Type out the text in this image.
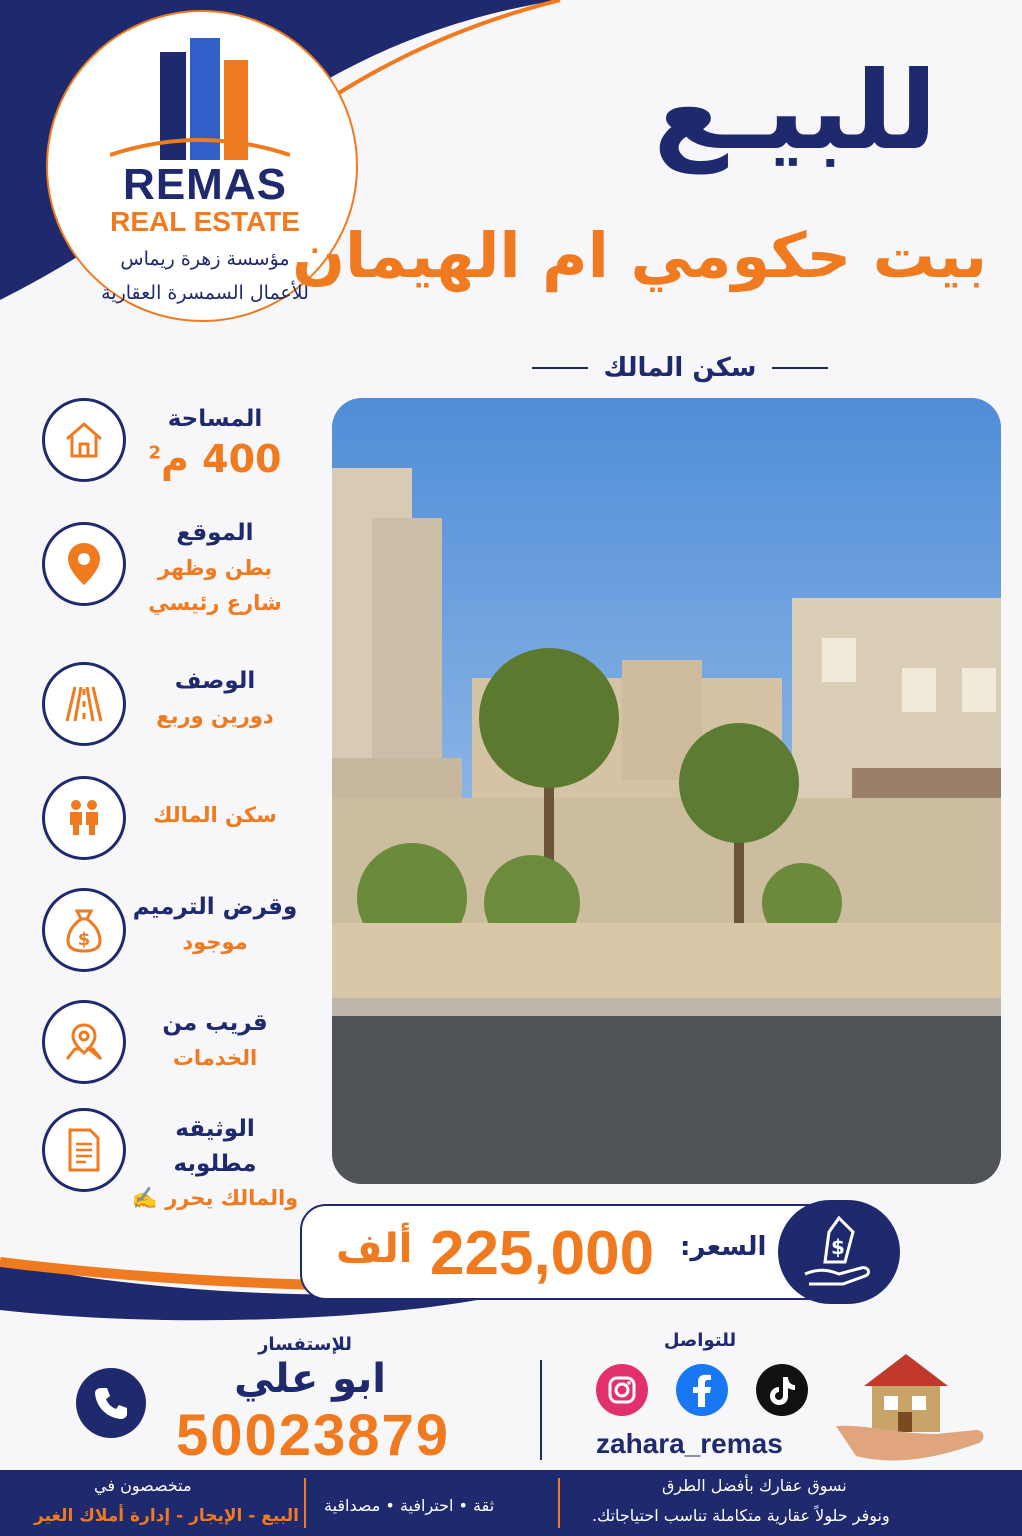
REMAS
REAL ESTATE
مؤسسة زهرة ريماس
للأعمال السمسرة العقارية
للبيـع
بيت حكومي ام الهيمان
سكن المالك
المساحة
400 م$^2$
الموقع
بطن وظهر
شارع رئيسي
الوصف
دورين وربع
سكن المالك
$
وقرض الترميم
موجود
قريب من
الخدمات
الوثيقه مطلوبه
والمالك يحرر ✍️
$
السعر:
225,000
ألف
للإستفسار
ابو علي
50023879
للتواصل
zahara_remas
متخصصون في
البيع - الإيجار - إدارة أملاك الغير
ثقة • احترافية • مصداقية
نسوق عقارك بأفضل الطرق
ونوفر حلولاً عقارية متكاملة تناسب احتياجاتك.
